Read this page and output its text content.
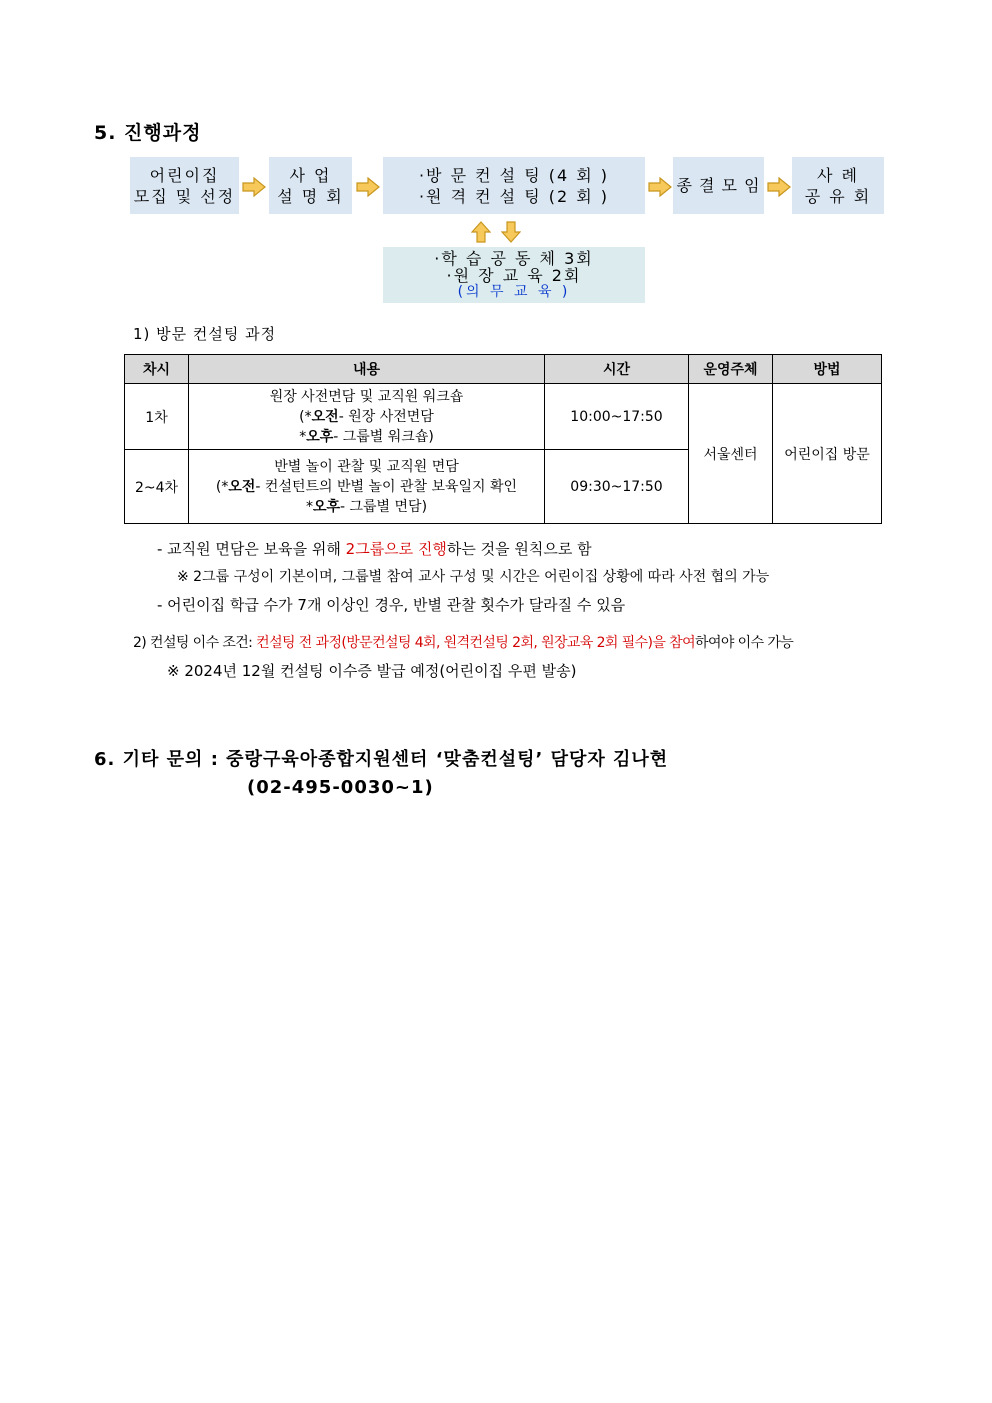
5. 진행과정
어린이집
모집 및 선정
사 업
설 명 회
·방 문 컨 설 팅 (4 회 )
·원 격 컨 설 팅 (2 회 )
종 결 모 임
사 례
공 유 회
·학 습 공 동 체 3회
·원 장 교 육 2회
(의 무 교 육 )
1) 방문 컨설팅 과정
차시	내용	시간	운영주체	방법
1차	원장 사전면담 및 교직원 워크숍
(*오전- 원장 사전면담
*오후- 그룹별 워크숍)	10:00~17:50	서울센터	어린이집 방문
2~4차	반별 놀이 관찰 및 교직원 면담
(*오전- 컨설턴트의 반별 놀이 관찰 보육일지 확인
*오후- 그룹별 면담)	09:30~17:50		
- 교직원 면담은 보육을 위해 2그룹으로 진행하는 것을 원칙으로 함
※ 2그룹 구성이 기본이며, 그룹별 참여 교사 구성 및 시간은 어린이집 상황에 따라 사전 협의 가능
- 어린이집 학급 수가 7개 이상인 경우, 반별 관찰 횟수가 달라질 수 있음
2) 컨설팅 이수 조건: 컨설팅 전 과정(방문컨설팅 4회, 원격컨설팅 2회, 원장교육 2회 필수)을 참여하여야 이수 가능
※ 2024년 12월 컨설팅 이수증 발급 예정(어린이집 우편 발송)
6. 기타 문의 : 중랑구육아종합지원센터 ‘맞춤컨설팅’ 담당자 김나현
(02-495-0030~1)
